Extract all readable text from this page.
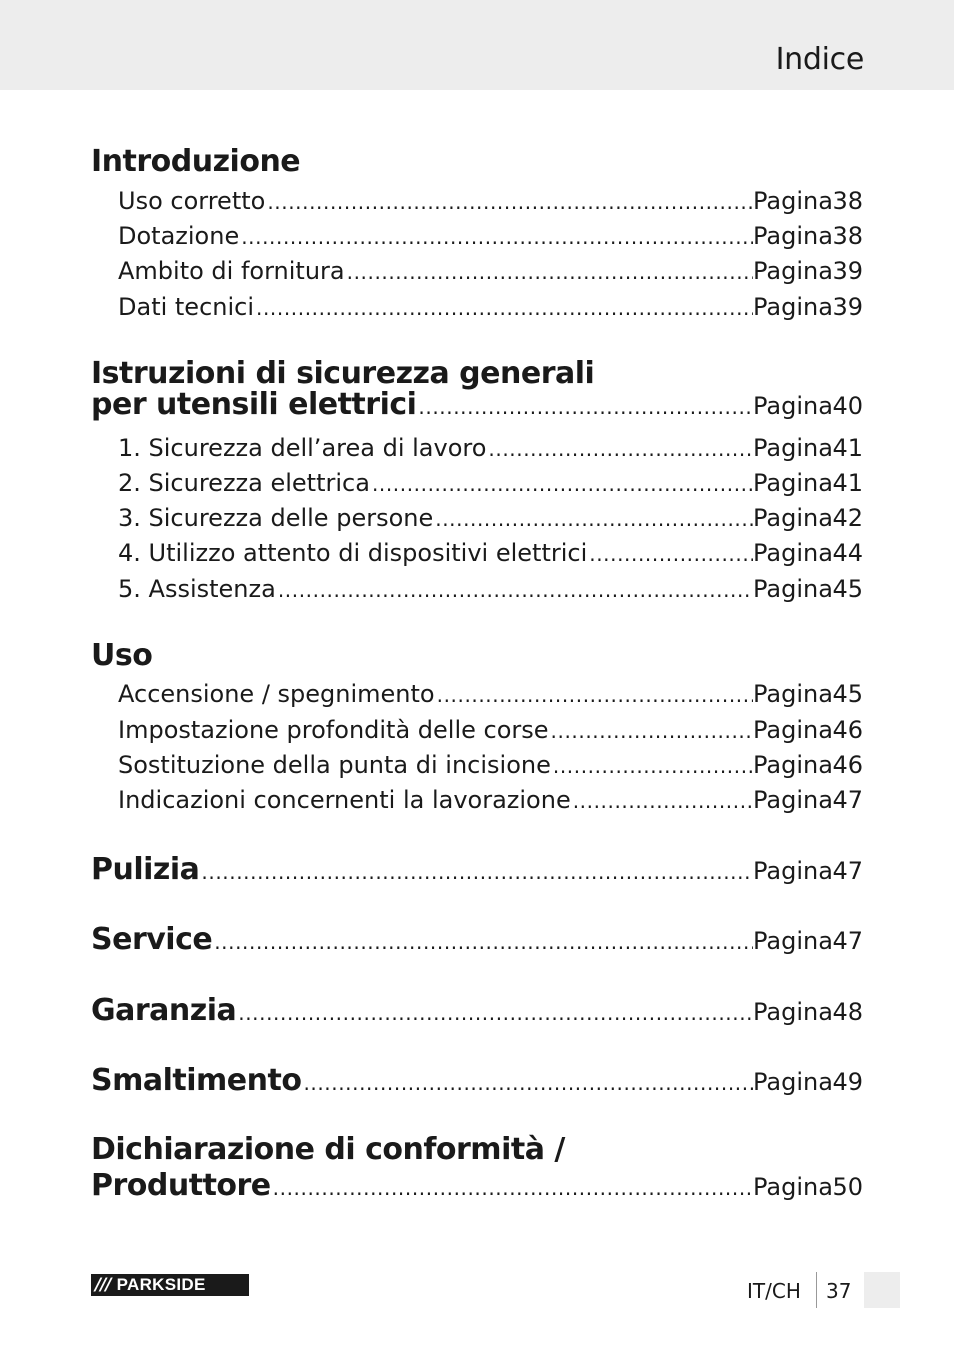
Indice
Introduzione
Uso corretto .....	Pagina 38
Dotazione .....	Pagina 38
Ambito di fornitura .....	Pagina 39
Dati tecnici .....	Pagina 39
Istruzioni di sicurezza generali
per utensili elettrici .....	Pagina 40
1. Sicurezza dell’area di lavoro .....	Pagina 41
2. Sicurezza elettrica .....	Pagina 41
3. Sicurezza delle persone .....	Pagina 42
4. Utilizzo attento di dispositivi elettrici .....	Pagina 44
5. Assistenza .....	Pagina 45
Uso
Accensione / spegnimento .....	Pagina 45
Impostazione profondità delle corse .....	Pagina 46
Sostituzione della punta di incisione .....	Pagina 46
Indicazioni concernenti la lavorazione .....	Pagina 47
Pulizia .....	Pagina 47
Service .....	Pagina 47
Garanzia .....	Pagina 48
Smaltimento .....	Pagina 49
Dichiarazione di conformità /
Produttore .....	Pagina 50
/// PARKSIDE	IT/CH 37
